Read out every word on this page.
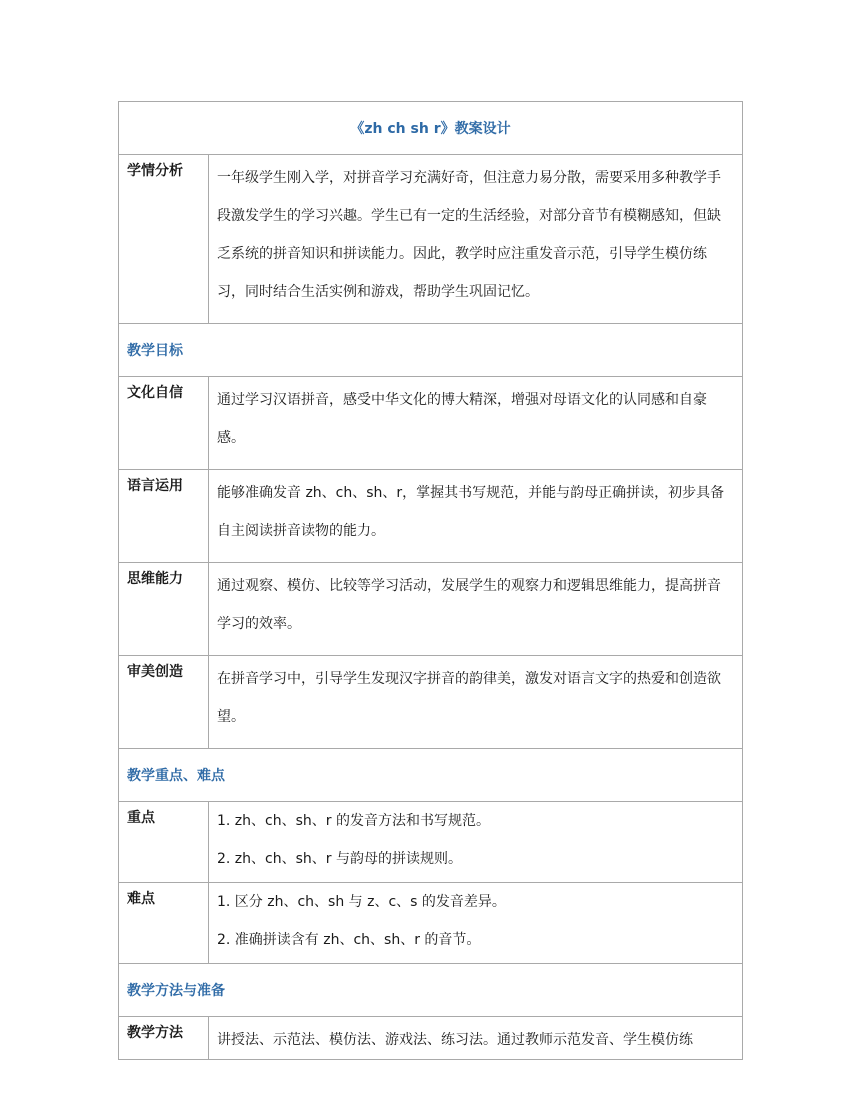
《zh ch sh r》教案设计	
学情分析	一年级学生刚入学，对拼音学习充满好奇，但注意力易分散，需要采用多种教学手段激发学生的学习兴趣。学生已有一定的生活经验，对部分音节有模糊感知，但缺乏系统的拼音知识和拼读能力。因此，教学时应注重发音示范，引导学生模仿练习，同时结合生活实例和游戏，帮助学生巩固记忆。
教学目标	
文化自信	通过学习汉语拼音，感受中华文化的博大精深，增强对母语文化的认同感和自豪感。
语言运用	能够准确发音 zh、ch、sh、r，掌握其书写规范，并能与韵母正确拼读，初步具备自主阅读拼音读物的能力。
思维能力	通过观察、模仿、比较等学习活动，发展学生的观察力和逻辑思维能力，提高拼音学习的效率。
审美创造	在拼音学习中，引导学生发现汉字拼音的韵律美，激发对语言文字的热爱和创造欲望。
教学重点、难点	
重点	1. zh、ch、sh、r 的发音方法和书写规范。
2. zh、ch、sh、r 与韵母的拼读规则。

难点	1. 区分 zh、ch、sh 与 z、c、s 的发音差异。
2. 准确拼读含有 zh、ch、sh、r 的音节。

教学方法与准备	
教学方法	讲授法、示范法、模仿法、游戏法、练习法。通过教师示范发音、学生模仿练
